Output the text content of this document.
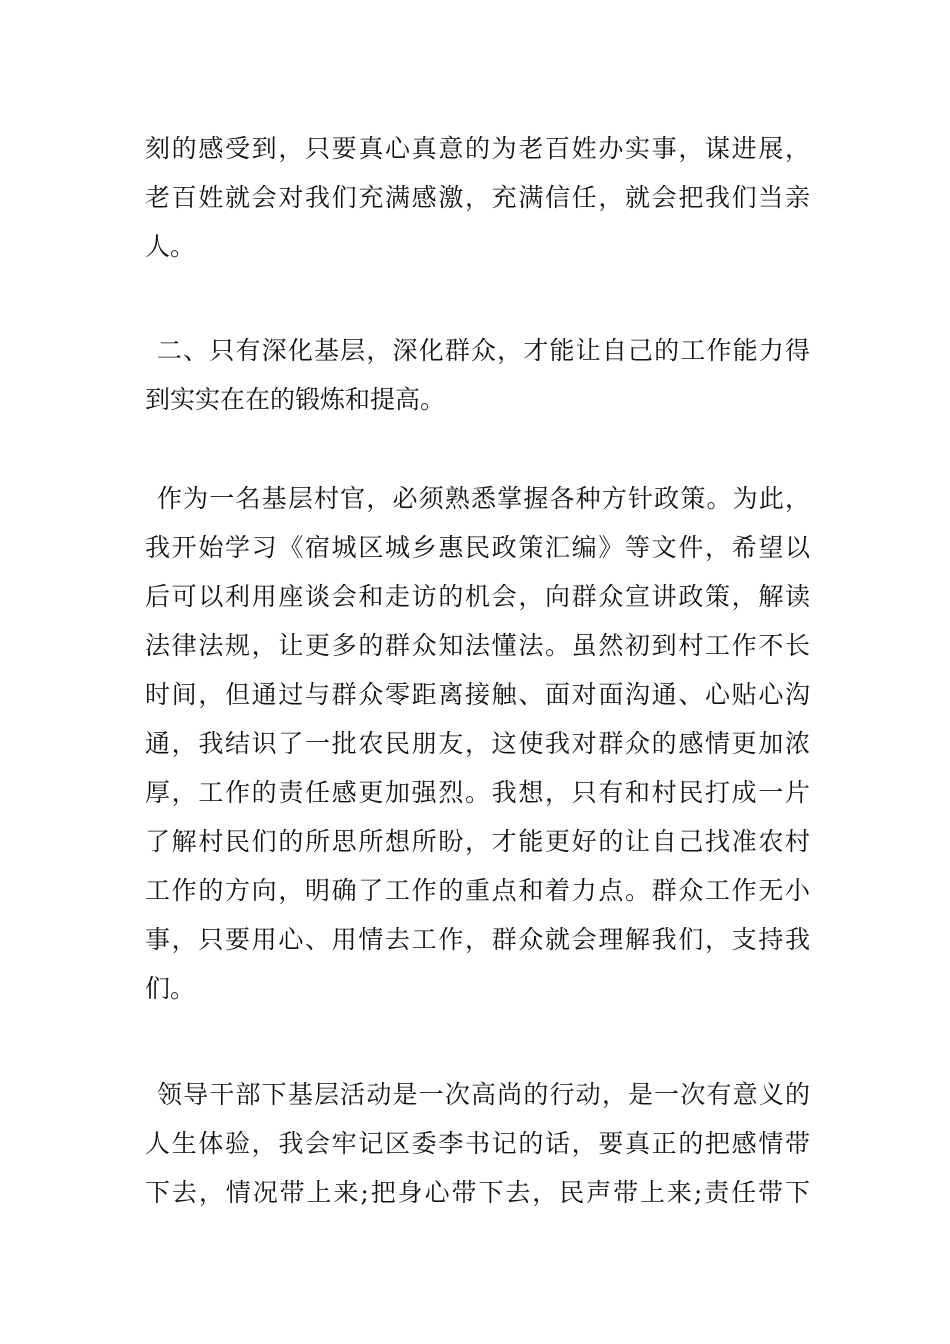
刻的感受到，只要真心真意的为老百姓办实事，谋进展，
老百姓就会对我们充满感激，充满信任，就会把我们当亲
人。
二、只有深化基层，深化群众，才能让自己的工作能力得
到实实在在的锻炼和提高。
作为一名基层村官，必须熟悉掌握各种方针政策。为此，
我开始学习《宿城区城乡惠民政策汇编》等文件，希望以
后可以利用座谈会和走访的机会，向群众宣讲政策，解读
法律法规，让更多的群众知法懂法。虽然初到村工作不长
时间，但通过与群众零距离接触、面对面沟通、心贴心沟
通，我结识了一批农民朋友，这使我对群众的感情更加浓
厚，工作的责任感更加强烈。我想，只有和村民打成一片
了解村民们的所思所想所盼，才能更好的让自己找准农村
工作的方向，明确了工作的重点和着力点。群众工作无小
事，只要用心、用情去工作，群众就会理解我们，支持我
们。
领导干部下基层活动是一次高尚的行动，是一次有意义的
人生体验，我会牢记区委李书记的话，要真正的把感情带
下去，情况带上来;把身心带下去，民声带上来;责任带下
